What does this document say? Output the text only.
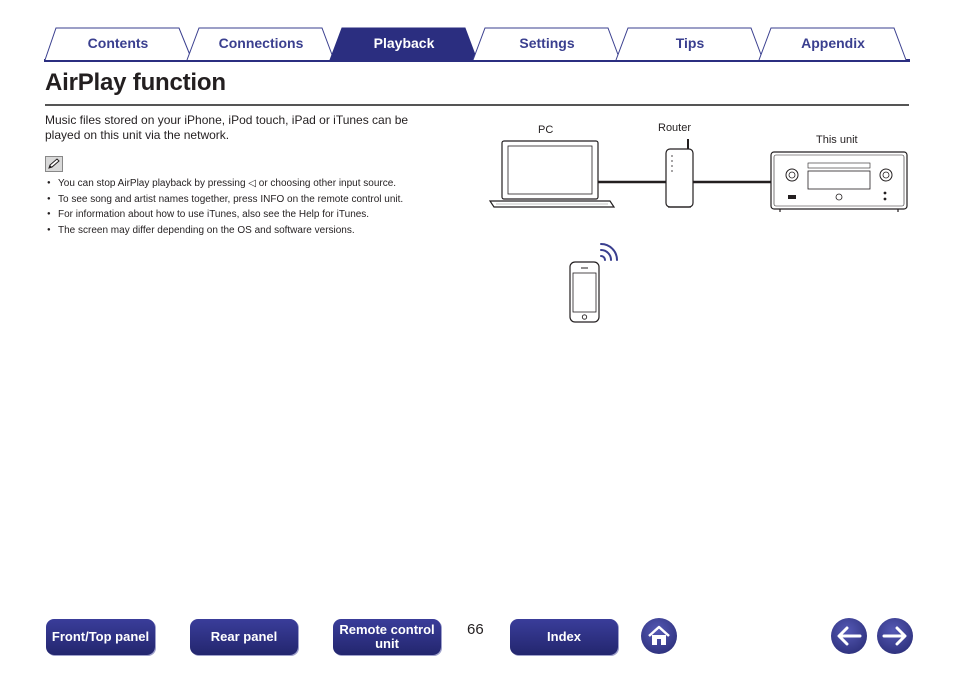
Contents	Connections	Playback	Settings	Tips	Appendix
AirPlay function

Music files stored on your iPhone, iPod touch, iPad or iTunes can be played on this unit via the network.

● You can stop AirPlay playback by pressing ◁ or choosing other input source.
● To see song and artist names together, press INFO on the remote control unit.
● For information about how to use iTunes, also see the Help for iTunes.
● The screen may differ depending on the OS and software versions.
PC	Router
This unit
Front/Top panel	Rear panel	Remote control unit
66	Index
